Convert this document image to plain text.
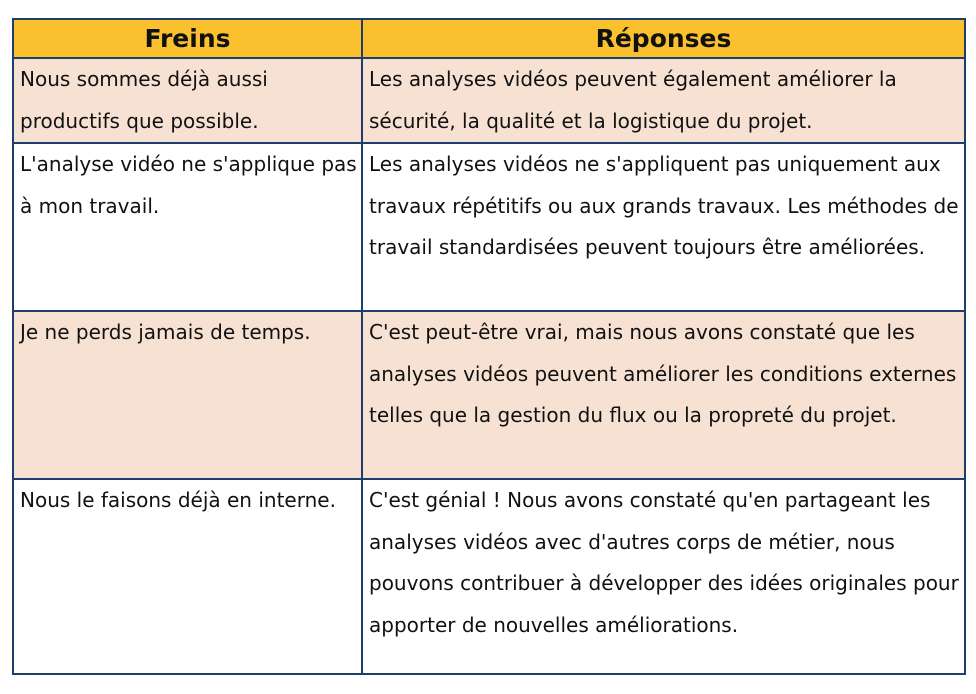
Freins	Réponses
Nous sommes déjà aussi productifs que possible.	Les analyses vidéos peuvent également améliorer la sécurité, la qualité et la logistique du projet.
L'analyse vidéo ne s'applique pas à mon travail.	Les analyses vidéos ne s'appliquent pas uniquement aux travaux répétitifs ou aux grands travaux. Les méthodes de travail standardisées peuvent toujours être améliorées.
Je ne perds jamais de temps.	C'est peut-être vrai, mais nous avons constaté que les analyses vidéos peuvent améliorer les conditions externes telles que la gestion du flux ou la propreté du projet.
Nous le faisons déjà en interne.	C'est génial ! Nous avons constaté qu'en partageant les analyses vidéos avec d'autres corps de métier, nous pouvons contribuer à développer des idées originales pour apporter de nouvelles améliorations.
